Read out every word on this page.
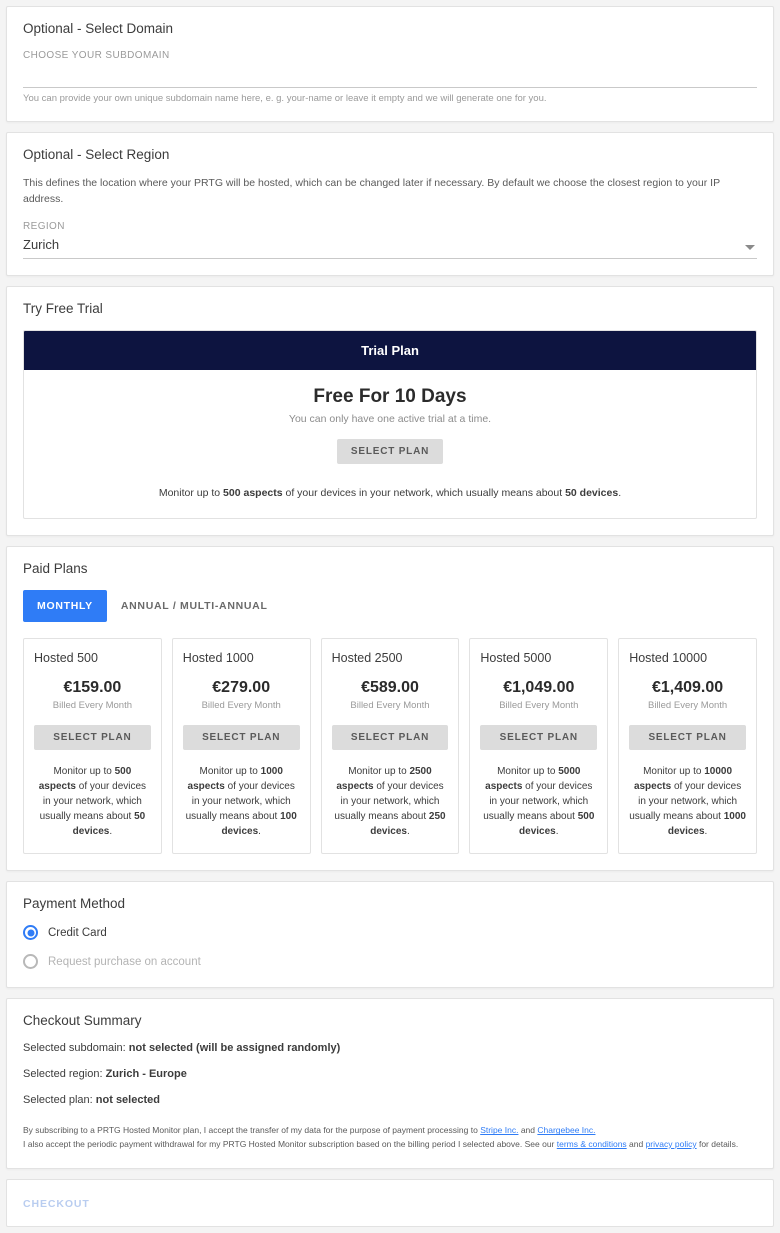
Optional - Select Domain
CHOOSE YOUR SUBDOMAIN
You can provide your own unique subdomain name here, e. g. your-name or leave it empty and we will generate one for you.
Optional - Select Region

This defines the location where your PRTG will be hosted, which can be changed later if necessary. By default we choose the closest region to your IP address.

REGION
Zurich
Try Free Trial
Trial Plan
Free For 10 Days
You can only have one active trial at a time.
SELECT PLAN
Monitor up to 500 aspects of your devices in your network, which usually means about 50 devices.
Paid Plans
MONTHLY	ANNUAL / MULTI-ANNUAL
Hosted 500
€159.00
Billed Every Month
SELECT PLAN
Monitor up to 500 aspects of your devices in your network, which usually means about 50 devices.
Hosted 1000
€279.00
Billed Every Month
SELECT PLAN
Monitor up to 1000 aspects of your devices in your network, which usually means about 100 devices.
Hosted 2500
€589.00
Billed Every Month
SELECT PLAN
Monitor up to 2500 aspects of your devices in your network, which usually means about 250 devices.
Hosted 5000
€1,049.00
Billed Every Month
SELECT PLAN
Monitor up to 5000 aspects of your devices in your network, which usually means about 500 devices.
Hosted 10000
€1,409.00
Billed Every Month
SELECT PLAN
Monitor up to 10000 aspects of your devices in your network, which usually means about 1000 devices.
Payment Method
Credit Card
Request purchase on account
Checkout Summary
Selected subdomain: not selected (will be assigned randomly)
Selected region: Zurich - Europe
Selected plan: not selected
By subscribing to a PRTG Hosted Monitor plan, I accept the transfer of my data for the purpose of payment processing to Stripe Inc. and Chargebee Inc.
I also accept the periodic payment withdrawal for my PRTG Hosted Monitor subscription based on the billing period I selected above. See our terms & conditions and privacy policy for details.
CHECKOUT
